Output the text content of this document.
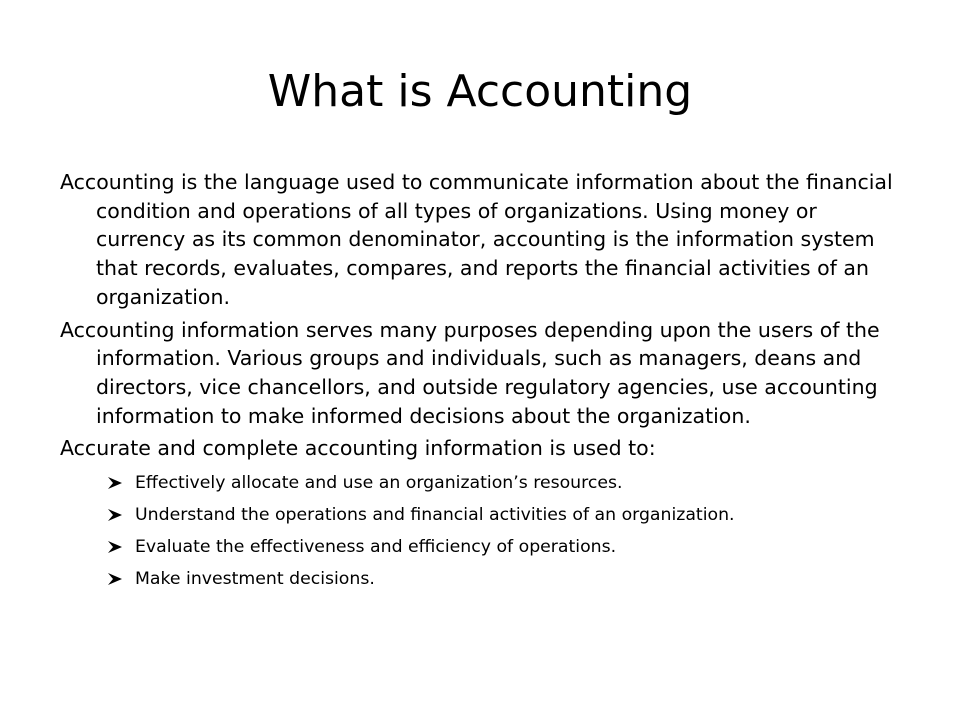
What is Accounting

Accounting is the language used to communicate information about the financial condition and operations of all types of organizations. Using money or currency as its common denominator, accounting is the information system that records, evaluates, compares, and reports the financial activities of an organization.

Accounting information serves many purposes depending upon the users of the information. Various groups and individuals, such as managers, deans and directors, vice chancellors, and outside regulatory agencies, use accounting information to make informed decisions about the organization.

Accurate and complete accounting information is used to:

Effectively allocate and use an organization’s resources.
Understand the operations and financial activities of an organization.
Evaluate the effectiveness and efficiency of operations.
Make investment decisions.
